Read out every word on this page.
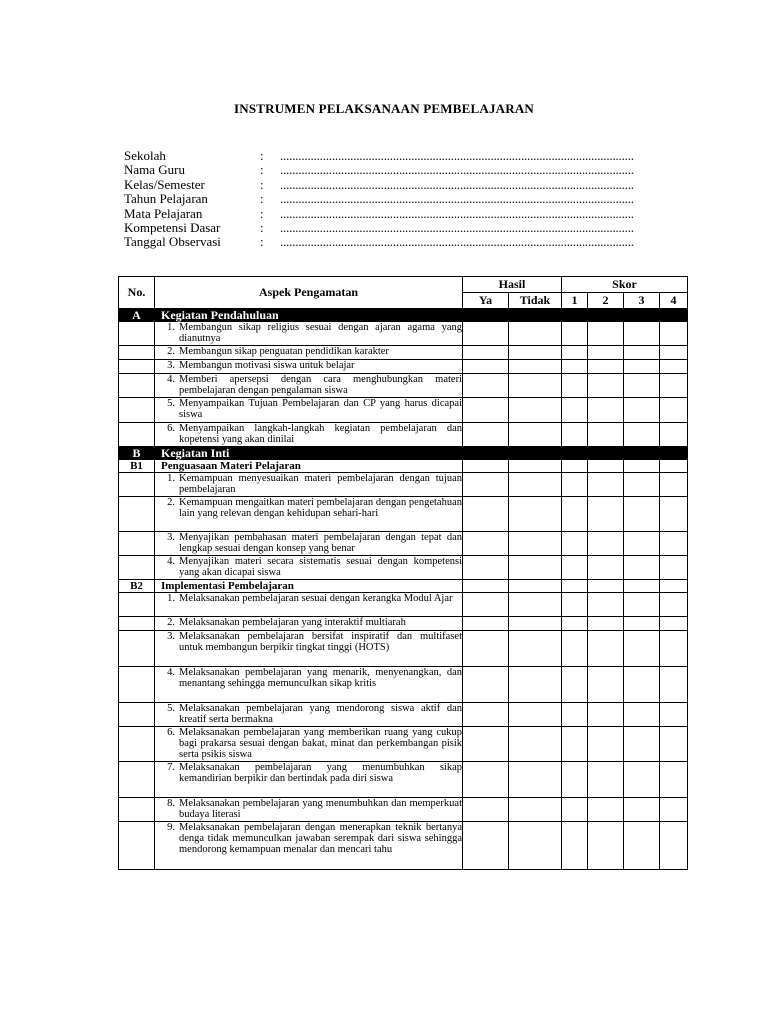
INSTRUMEN PELAKSANAAN PEMBELAJARAN
Sekolah	:	....................................................................................................................
Nama Guru	:	....................................................................................................................
Kelas/Semester	:	....................................................................................................................
Tahun Pelajaran	:	....................................................................................................................
Mata Pelajaran	:	....................................................................................................................
Kompetensi Dasar	:	....................................................................................................................
Tanggal Observasi	:	....................................................................................................................
No.	Aspek Pengamatan	Hasil		Skor			
		Ya	Tidak	1	2	3	4
A	Kegiatan Pendahuluan						

	1. Membangun sikap religius sesuai dengan ajaran agama yang dianutnya						

	2. Membangun sikap penguatan pendidikan karakter						

	3. Membangun motivasi siswa untuk belajar						

	4. Memberi apersepsi dengan cara menghubungkan materi pembelajaran dengan pengalaman siswa						

	5. Menyampaikan Tujuan Pembelajaran dan CP yang harus dicapai siswa						

	6. Menyampaikan langkah-langkah kegiatan pembelajaran dan kopetensi yang akan dinilai						

B	Kegiatan Inti						
B1	Penguasaan Materi Pelajaran						

	1. Kemampuan menyesuaikan materi pembelajaran dengan tujuan pembelajaran						

	2. Kemampuan mengaitkan materi pembelajaran dengan pengetahuan lain yang relevan dengan kehidupan sehari-hari						

	3. Menyajikan pembahasan materi pembelajaran dengan tepat dan lengkap sesuai dengan konsep yang benar						

	4. Menyajikan materi secara sistematis sesuai dengan kompetensi yang akan dicapai siswa						

B2	Implementasi Pembelajaran						

	1. Melaksanakan pembelajaran sesuai dengan kerangka Modul Ajar						

	2. Melaksanakan pembelajaran yang interaktif multiarah						

	3. Melaksanakan pembelajaran bersifat inspiratif dan multifaset untuk membangun berpikir tingkat tinggi (HOTS)						

	4. Melaksanakan pembelajaran yang menarik, menyenangkan, dan menantang sehingga memunculkan sikap kritis						

	5. Melaksanakan pembelajaran yang mendorong siswa aktif dan kreatif serta bermakna						

	6. Melaksanakan pembelajaran yang memberikan ruang yang cukup bagi prakarsa sesuai dengan bakat, minat dan perkembangan pisik serta psikis siswa						

	7. Melaksanakan pembelajaran yang menumbuhkan sikap kemandirian berpikir dan bertindak pada diri siswa						

	8. Melaksanakan pembelajaran yang menumbuhkan dan memperkuat budaya literasi						

	9. Melaksanakan pembelajaran dengan menerapkan teknik bertanya denga tidak memunculkan jawaban serempak dari siswa sehingga mendorong kemampuan menalar dan mencari tahu						
